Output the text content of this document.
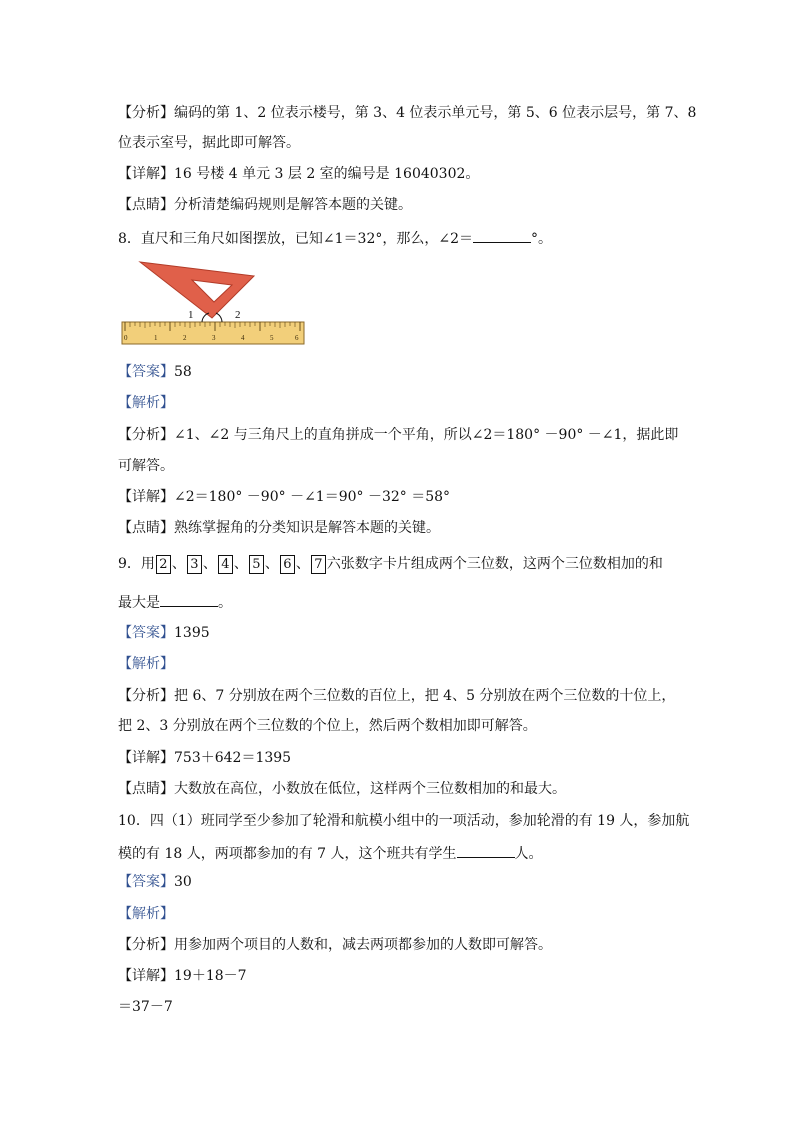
【分析】编码的第 1、2 位表示楼号，第 3、4 位表示单元号，第 5、6 位表示层号，第 7、8
位表示室号，据此即可解答。
【详解】16 号楼 4 单元 3 层 2 室的编号是 16040302。
【点睛】分析清楚编码规则是解答本题的关键。
8．直尺和三角尺如图摆放，已知∠1＝32°，那么，∠2＝	°。
0	1	2	3	4	5	6
1	2
【答案】58
【解析】
【分析】∠1、∠2 与三角尺上的直角拼成一个平角，所以∠2＝180° －90° －∠1，据此即
可解答。
【详解】∠2＝180° －90° －∠1＝90° －32° ＝58°
【点睛】熟练掌握角的分类知识是解答本题的关键。
9．用 2 、 3 、 4 、 5 、 6 、 7 六张数字卡片组成两个三位数，这两个三位数相加的和
最大是	。
【答案】1395
【解析】
【分析】把 6、7 分别放在两个三位数的百位上，把 4、5 分别放在两个三位数的十位上，
把 2、3 分别放在两个三位数的个位上，然后两个数相加即可解答。
【详解】753＋642＝1395
【点睛】大数放在高位，小数放在低位，这样两个三位数相加的和最大。
10．四（1）班同学至少参加了轮滑和航模小组中的一项活动，参加轮滑的有 19 人，参加航
模的有 18 人，两项都参加的有 7 人，这个班共有学生	人。
【答案】30
【解析】
【分析】用参加两个项目的人数和，减去两项都参加的人数即可解答。
【详解】19＋18－7
＝37－7
